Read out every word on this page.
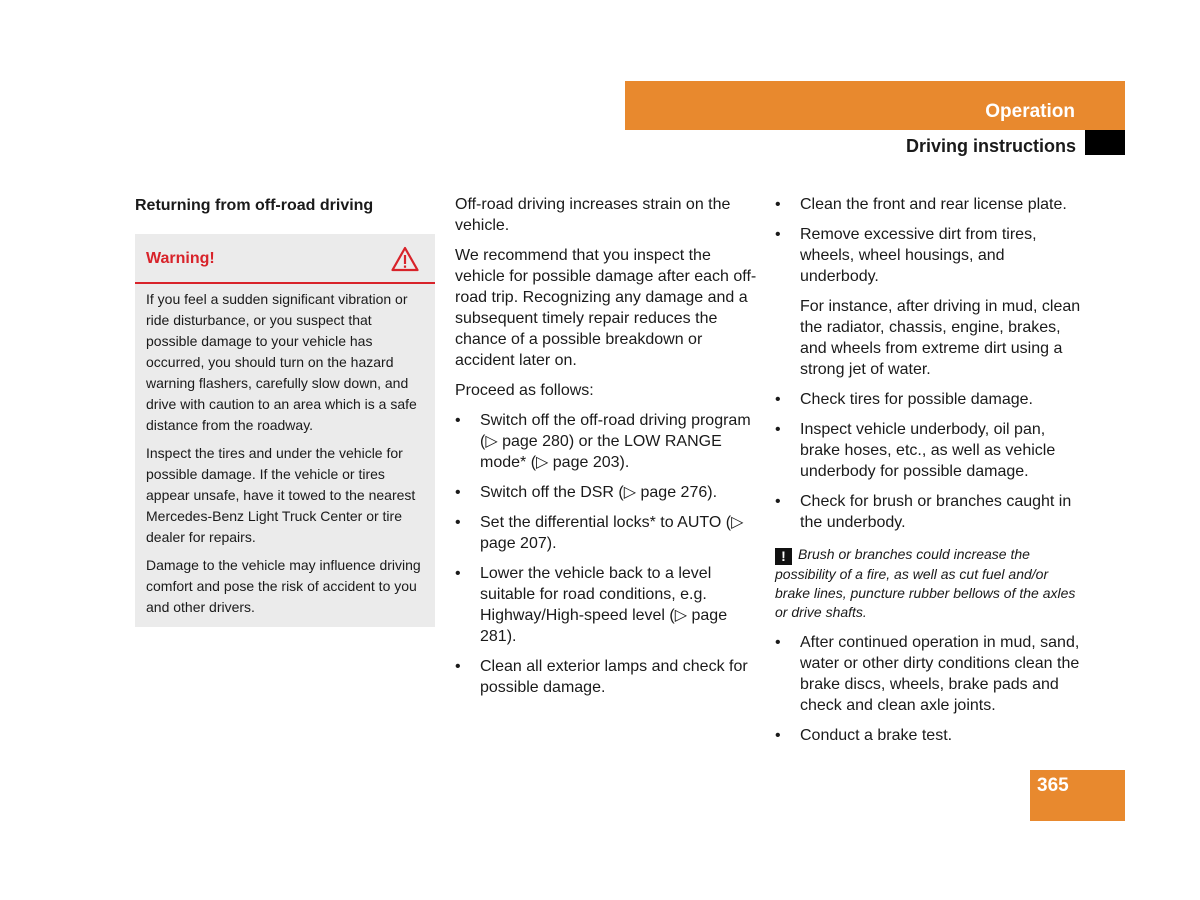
Operation
Driving instructions
Returning from off-road driving
Warning!

If you feel a sudden significant vibration or ride disturbance, or you suspect that possible damage to your vehicle has occurred, you should turn on the hazard warning flashers, carefully slow down, and drive with caution to an area which is a safe distance from the roadway.

Inspect the tires and under the vehicle for possible damage. If the vehicle or tires appear unsafe, have it towed to the nearest Mercedes-Benz Light Truck Center or tire dealer for repairs.

Damage to the vehicle may influence driving comfort and pose the risk of accident to you and other drivers.

Off-road driving increases strain on the vehicle.
We recommend that you inspect the vehicle for possible damage after each off-road trip. Recognizing any damage and a subsequent timely repair reduces the chance of a possible breakdown or accident later on.
Proceed as follows:
• Switch off the off-road driving program (▷ page 280) or the LOW RANGE mode* (▷ page 203).
• Switch off the DSR (▷ page 276).
• Set the differential locks* to AUTO (▷ page 207).
• Lower the vehicle back to a level suitable for road conditions, e.g. Highway/High-speed level (▷ page 281).
• Clean all exterior lamps and check for possible damage.
• Clean the front and rear license plate.
• Remove excessive dirt from tires, wheels, wheel housings, and underbody.
For instance, after driving in mud, clean the radiator, chassis, engine, brakes, and wheels from extreme dirt using a strong jet of water.
• Check tires for possible damage.
• Inspect vehicle underbody, oil pan, brake hoses, etc., as well as vehicle underbody for possible damage.
• Check for brush or branches caught in the underbody.
! Brush or branches could increase the possibility of a fire, as well as cut fuel and/or brake lines, puncture rubber bellows of the axles or drive shafts.
• After continued operation in mud, sand, water or other dirty conditions clean the brake discs, wheels, brake pads and check and clean axle joints.
• Conduct a brake test.
365
